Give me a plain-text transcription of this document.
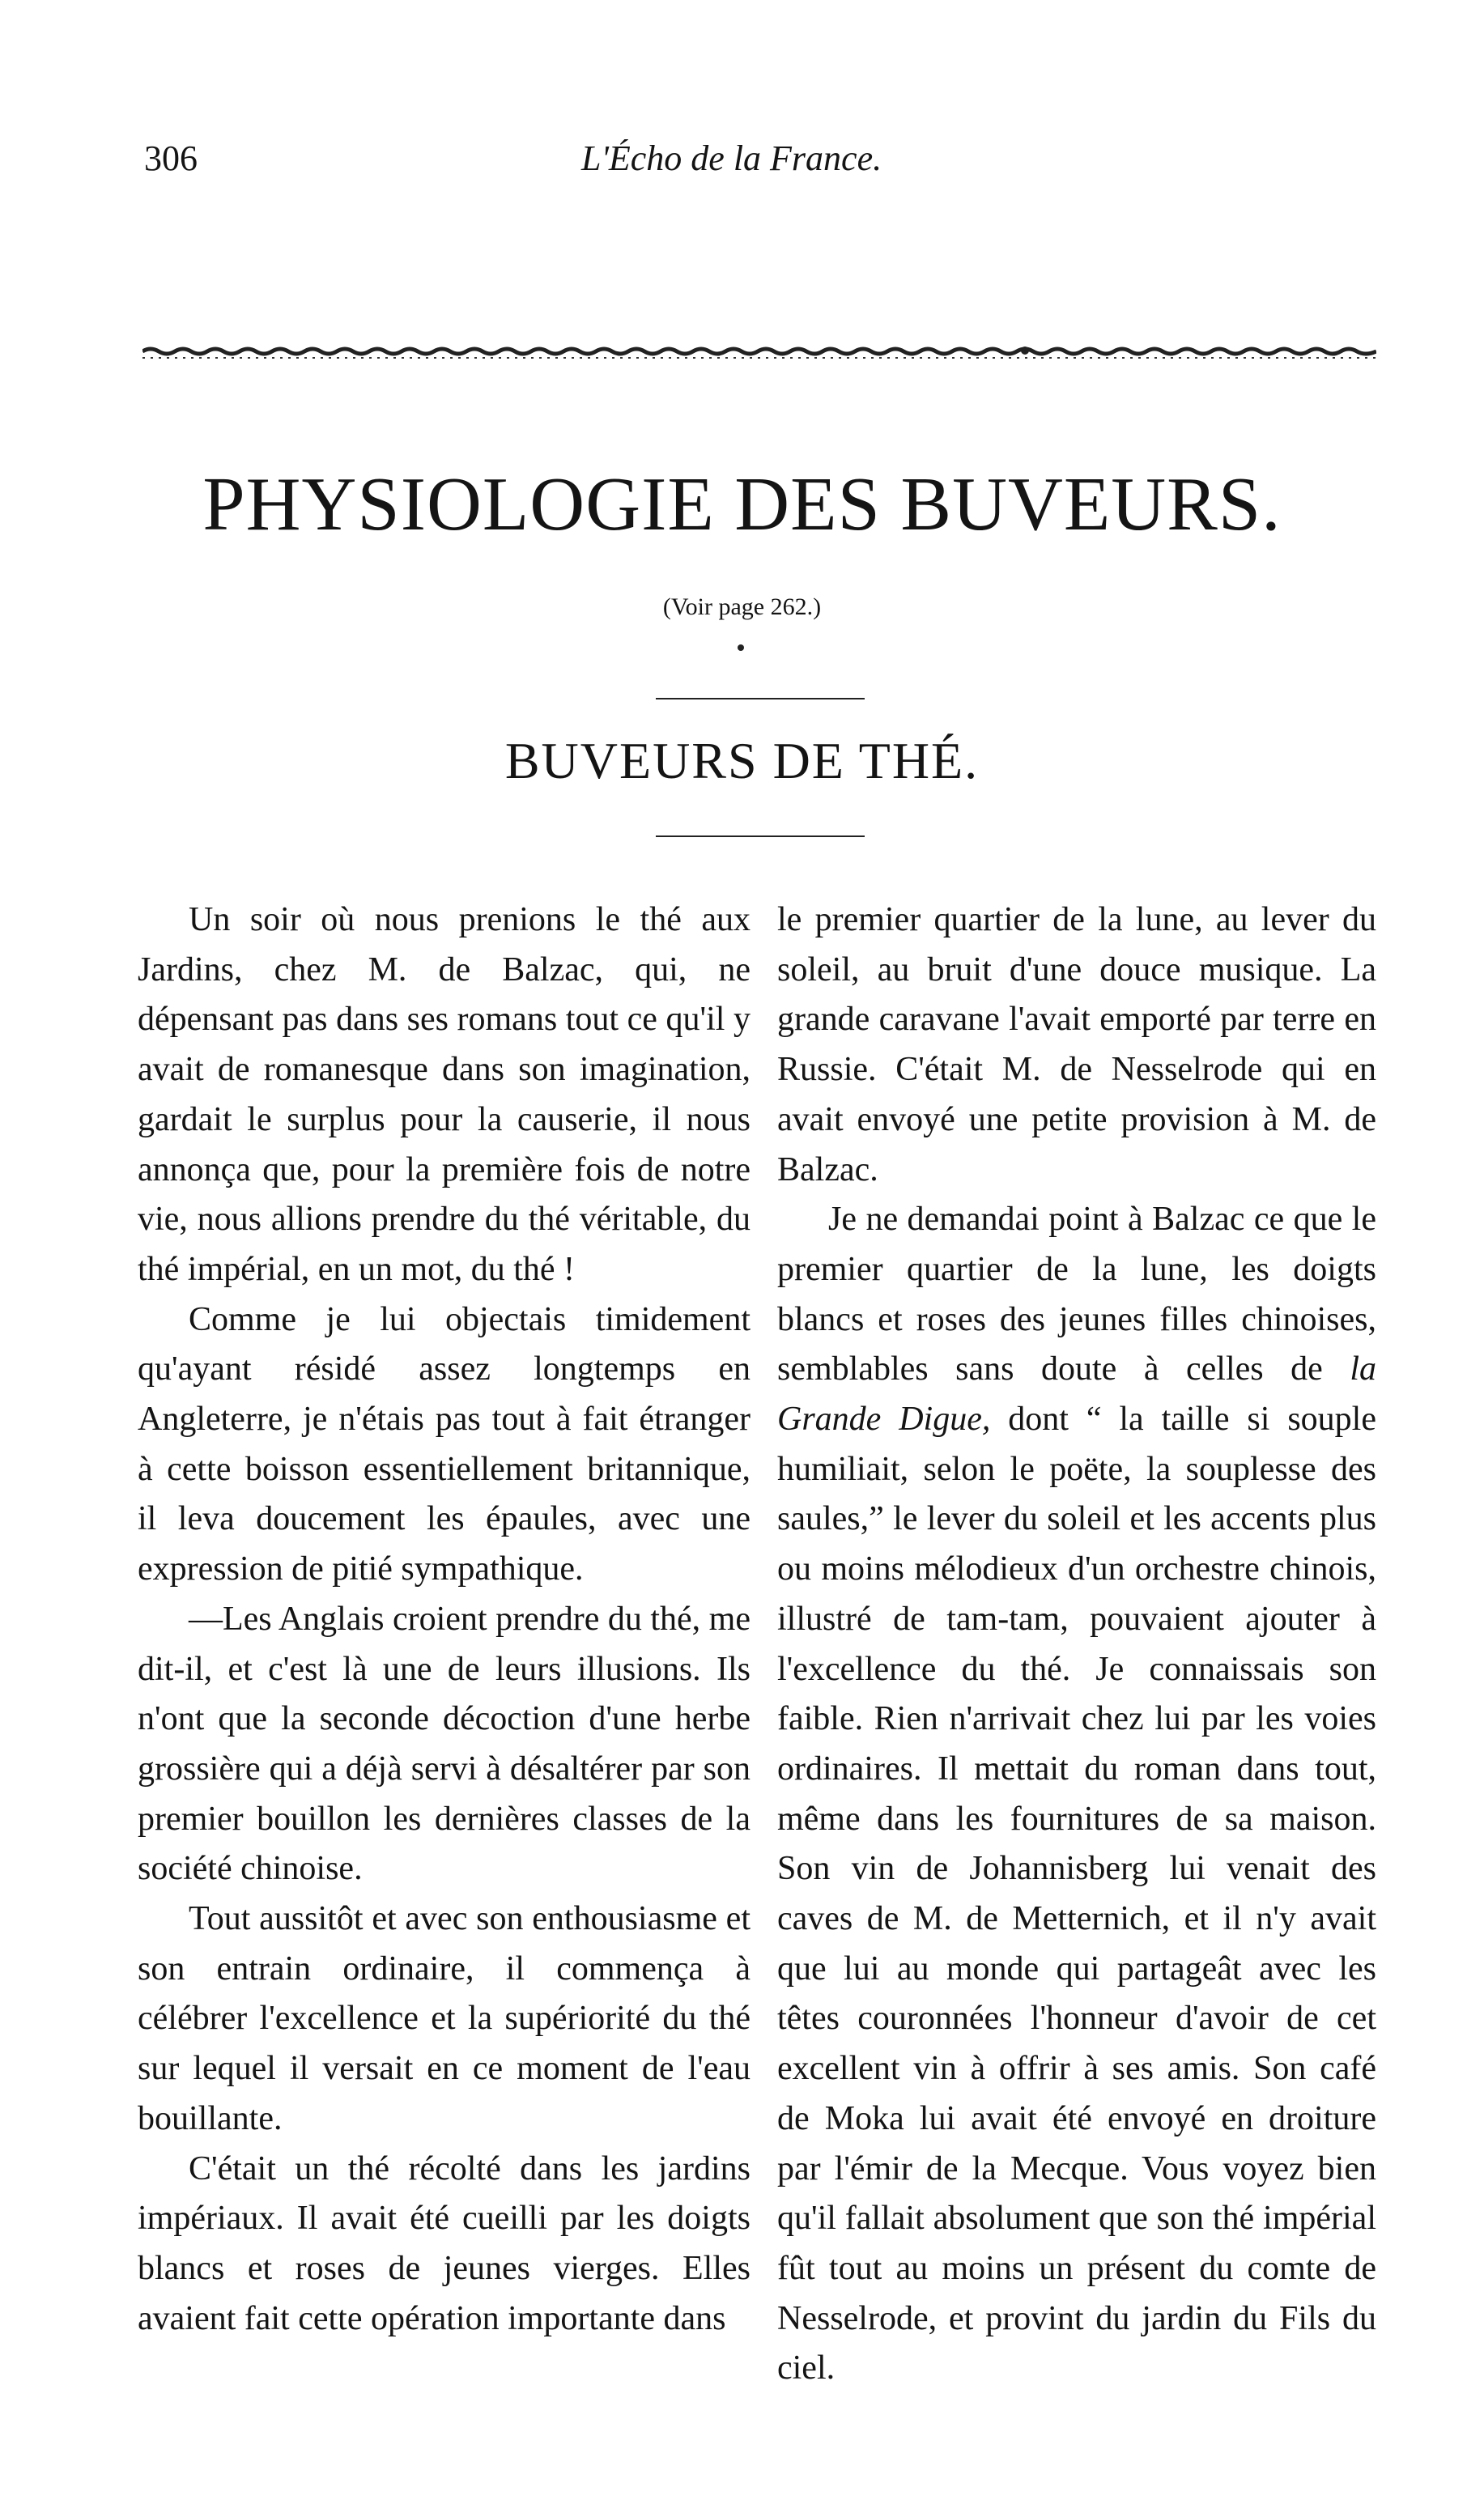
306	L'Écho de la France.
PHYSIOLOGIE DES BUVEURS.
(Voir page 262.)
BUVEURS DE THÉ.

Un soir où nous prenions le thé aux Jardins, chez M. de Balzac, qui, ne dépensant pas dans ses romans tout ce qu'il y avait de romanesque dans son imagination, gardait le surplus pour la causerie, il nous annonça que, pour la première fois de notre vie, nous allions prendre du thé véritable, du thé impérial, en un mot, du thé !

Comme je lui objectais timidement qu'ayant résidé assez longtemps en Angleterre, je n'étais pas tout à fait étranger à cette boisson essentiellement britannique, il leva doucement les épaules, avec une expression de pitié sympathique.

—Les Anglais croient prendre du thé, me dit-il, et c'est là une de leurs illusions. Ils n'ont que la seconde décoction d'une herbe grossière qui a déjà servi à désaltérer par son premier bouillon les dernières classes de la société chinoise.

Tout aussitôt et avec son enthousiasme et son entrain ordinaire, il commença à célébrer l'excellence et la supériorité du thé sur lequel il versait en ce moment de l'eau bouillante.

C'était un thé récolté dans les jardins impériaux. Il avait été cueilli par les doigts blancs et roses de jeunes vierges. Elles avaient fait cette opération importante dans

le premier quartier de la lune, au lever du soleil, au bruit d'une douce musique. La grande caravane l'avait emporté par terre en Russie. C'était M. de Nesselrode qui en avait envoyé une petite provision à M. de Balzac.

Je ne demandai point à Balzac ce que le premier quartier de la lune, les doigts blancs et roses des jeunes filles chinoises, semblables sans doute à celles de la Grande Digue, dont “ la taille si souple humiliait, selon le poëte, la souplesse des saules,” le lever du soleil et les accents plus ou moins mélodieux d'un orchestre chinois, illustré de tam-tam, pouvaient ajouter à l'excellence du thé. Je connaissais son faible. Rien n'arrivait chez lui par les voies ordinaires. Il mettait du roman dans tout, même dans les fournitures de sa maison. Son vin de Johannisberg lui venait des caves de M. de Metternich, et il n'y avait que lui au monde qui partageât avec les têtes couronnées l'honneur d'avoir de cet excellent vin à offrir à ses amis. Son café de Moka lui avait été envoyé en droiture par l'émir de la Mecque. Vous voyez bien qu'il fallait absolument que son thé impérial fût tout au moins un présent du comte de Nesselrode, et provint du jardin du Fils du ciel.
